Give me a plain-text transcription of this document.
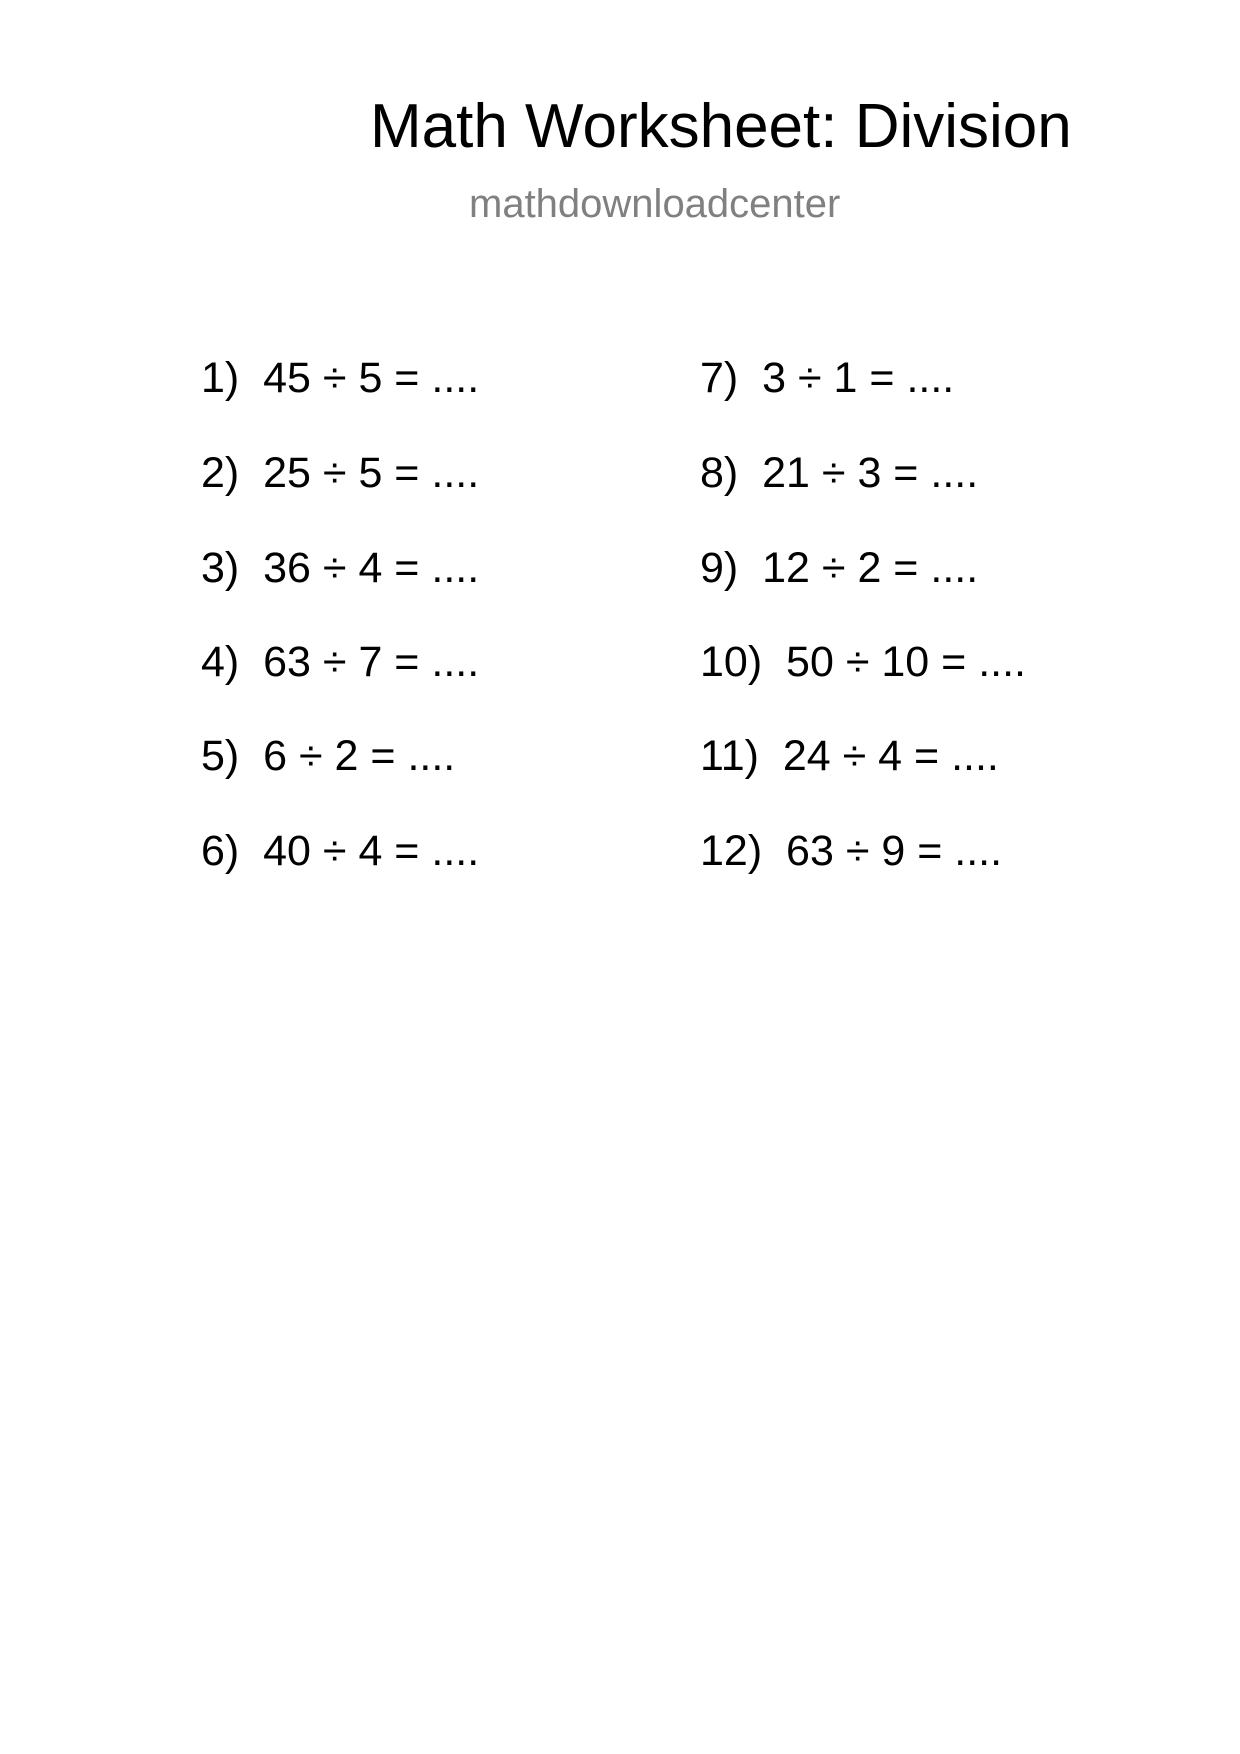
Math Worksheet: Division
mathdownloadcenter
1)  45 ÷ 5 = ....
2)  25 ÷ 5 = ....
3)  36 ÷ 4 = ....
4)  63 ÷ 7 = ....
5)  6 ÷ 2 = ....
6)  40 ÷ 4 = ....
7)  3 ÷ 1 = ....
8)  21 ÷ 3 = ....
9)  12 ÷ 2 = ....
10)  50 ÷ 10 = ....
11)  24 ÷ 4 = ....
12)  63 ÷ 9 = ....
